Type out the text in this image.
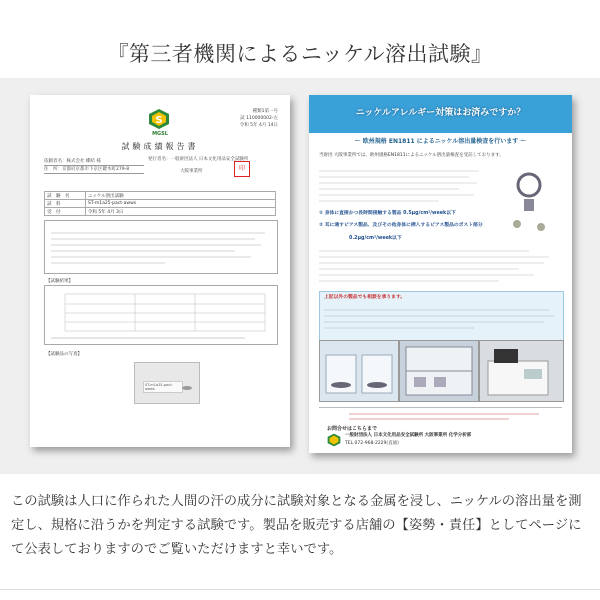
『第三者機関によるニッケル溶出試験』
S
MGSL
種類1第一号
試 110000002-左
令和 5年 4月 14日
試験成績報告書
依頼者名：株式会社 蝶結 様
住　所：京都府京都市下京区鍵木町279-8
発行者名：一般財団法人 日本文化用品安全試験所
大阪事業所	印
試　験　名	ニッケル溶出試験
試　料	ST-m1a25-pact-awws
受　付	令和 5年 4月 3日
【試験結果】
【試験品の写真】
ST-m1a25-pact-awws
ニッケルアレルギー対策はお済みですか？
～ 欧州規格 EN1811 によるニッケル溶出量検査を行います ～
当財団 大阪事業所では、欧州規格EN1811によるニッケル溶出量検査を受託しております。
① 身体に直接かつ長時間接触する製品 0.5μg/cm²/week以下
② 耳に通すピアス製品、及びその他身体に挿入するピアス製品のポスト部分
0.2μg/cm²/week以下
上記以外の製品でも相談を承ります。
お問合せはこちらまで
一般財団法人 日本文化用品安全試験所 大阪事業所 化学分析部
TEL.072-968-2229(直通)
この試験は人口に作られた人間の汗の成分に試験対象となる金属を浸し、ニッケルの溶出量を測定し、規格に沿うかを判定する試験です。製品を販売する店舗の【姿勢・責任】としてページにて公表しておりますのでご覧いただけますと幸いです。
